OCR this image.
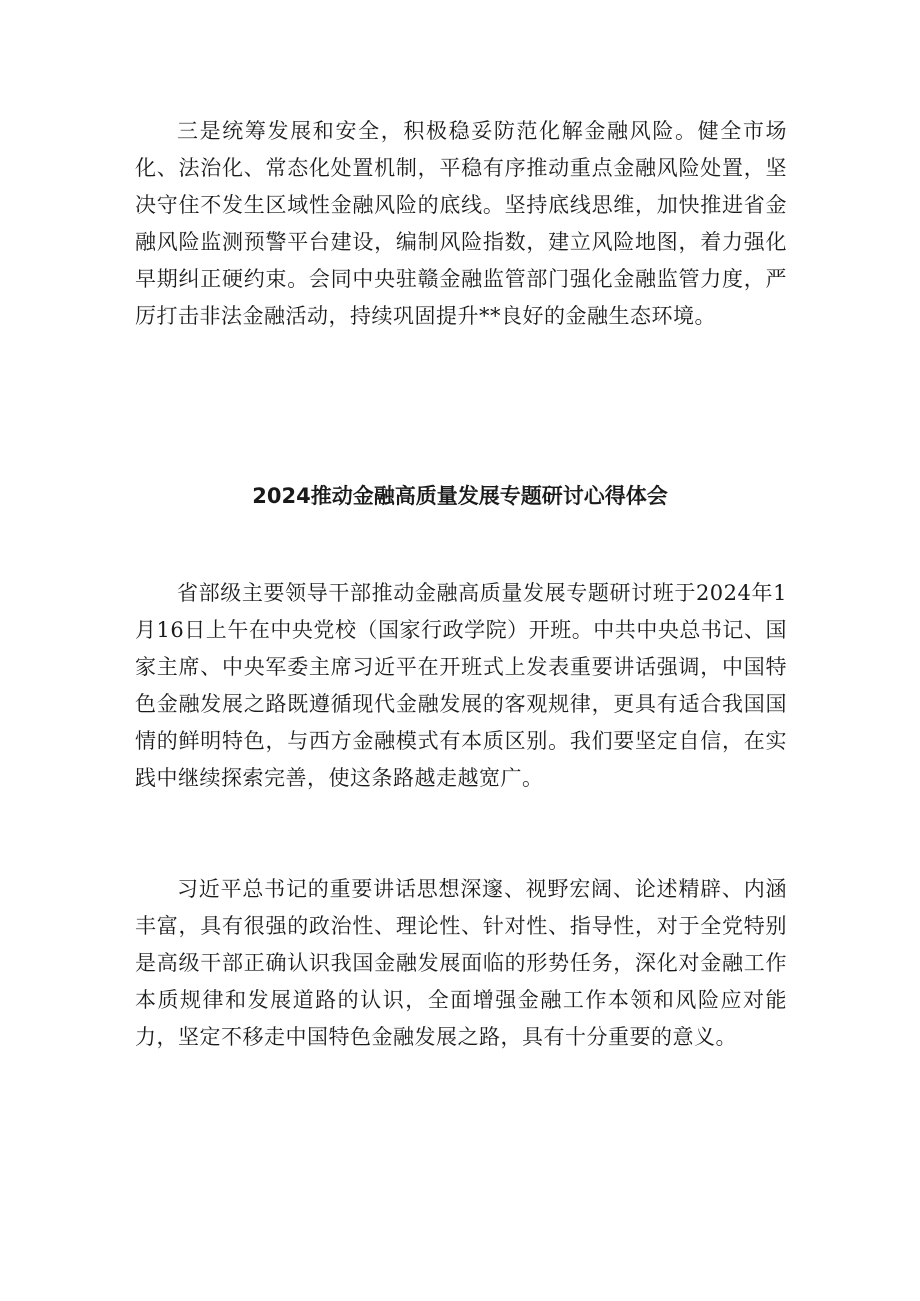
三是统筹发展和安全，积极稳妥防范化解金融风险。健全市场化、法治化、常态化处置机制，平稳有序推动重点金融风险处置，坚决守住不发生区域性金融风险的底线。坚持底线思维，加快推进省金融风险监测预警平台建设，编制风险指数，建立风险地图，着力强化早期纠正硬约束。会同中央驻赣金融监管部门强化金融监管力度，严厉打击非法金融活动，持续巩固提升**良好的金融生态环境。

2024推动金融高质量发展专题研讨心得体会

省部级主要领导干部推动金融高质量发展专题研讨班于2024年1月16日上午在中央党校（国家行政学院）开班。中共中央总书记、国家主席、中央军委主席习近平在开班式上发表重要讲话强调，中国特色金融发展之路既遵循现代金融发展的客观规律，更具有适合我国国情的鲜明特色，与西方金融模式有本质区别。我们要坚定自信，在实践中继续探索完善，使这条路越走越宽广。

习近平总书记的重要讲话思想深邃、视野宏阔、论述精辟、内涵丰富，具有很强的政治性、理论性、针对性、指导性，对于全党特别是高级干部正确认识我国金融发展面临的形势任务，深化对金融工作本质规律和发展道路的认识，全面增强金融工作本领和风险应对能力，坚定不移走中国特色金融发展之路，具有十分重要的意义。
